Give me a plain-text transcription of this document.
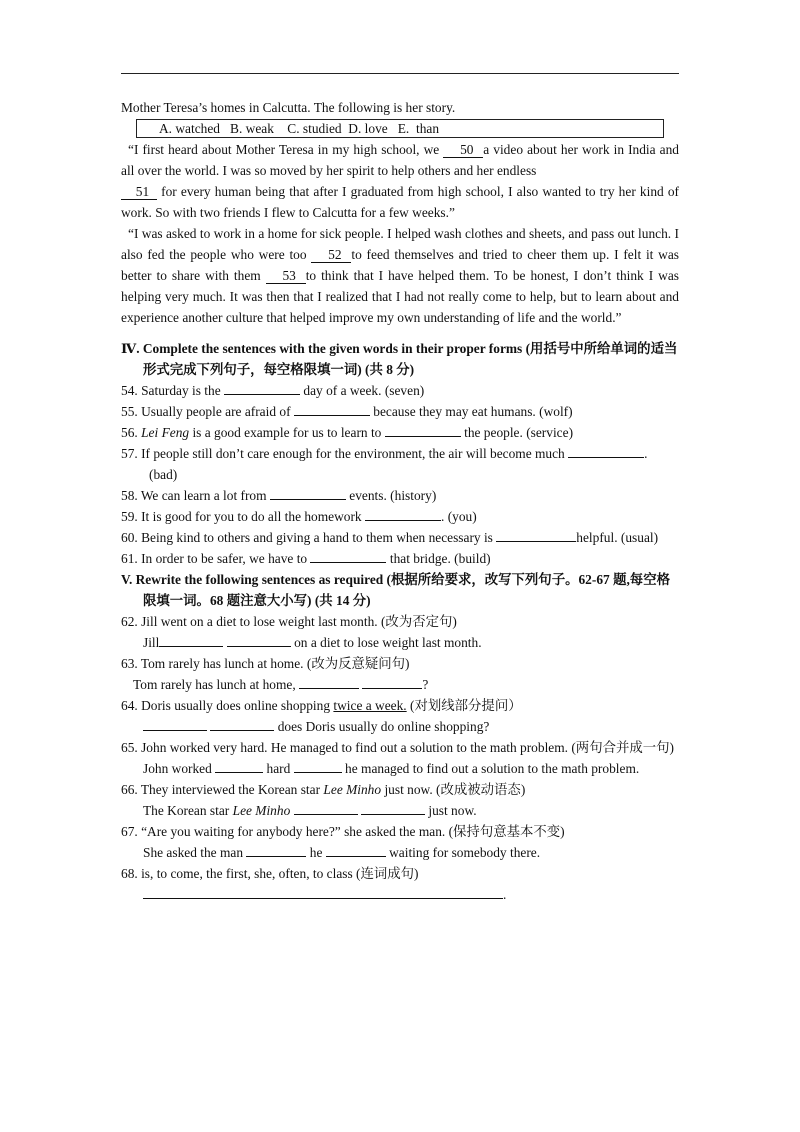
Mother Teresa’s homes in Calcutta. The following is her story.

A. watched   B. weak    C. studied  D. love   E.  than

“I first heard about Mother Teresa in my high school, we 50 a video about her work in India and all over the world. I was so moved by her spirit to help others and her endless
51 for every human being that after I graduated from high school, I also wanted to try her kind of work. So with two friends I flew to Calcutta for a few weeks.”

“I was asked to work in a home for sick people. I helped wash clothes and sheets, and pass out lunch. I also fed the people who were too 52 to feed themselves and tried to cheer them up. I felt it was better to share with them 53 to think that I have helped them. To be honest, I don’t think I was helping very much. It was then that I realized that I had not really come to help, but to learn about and experience another culture that helped improve my own understanding of life and the world.”

Ⅳ. Complete the sentences with the given words in their proper forms (用括号中所给单词的适当形式完成下列句子，每空格限填一词) (共 8 分)

54. Saturday is the	day of a week. (seven)

55. Usually people are afraid of	because they may eat humans. (wolf)

56. Lei Feng is a good example for us to learn to	the people. (service)

57. If people still don’t care enough for the environment, the air will become much	. (bad)

58. We can learn a lot from	events. (history)

59. It is good for you to do all the homework	. (you)

60. Being kind to others and giving a hand to them when necessary is	helpful. (usual)

61. In order to be safer, we have to	that bridge. (build)

V. Rewrite the following sentences as required (根据所给要求，改写下列句子。62-67 题,每空格限填一词。68 题注意大小写) (共 14 分)

62. Jill went on a diet to lose weight last month. (改为否定句)

Jill	on a diet to lose weight last month.

63. Tom rarely has lunch at home. (改为反意疑问句)

Tom rarely has lunch at home,	?

64. Doris usually does online shopping twice a week. (对划线部分提问）

does Doris usually do online shopping?

65. John worked very hard. He managed to find out a solution to the math problem. (两句合并成一句)

John worked	hard	he managed to find out a solution to the math problem.

66. They interviewed the Korean star Lee Minho just now. (改成被动语态)

The Korean star Lee Minho	just now.

67. “Are you waiting for anybody here?” she asked the man. (保持句意基本不变)

She asked the man	he	waiting for somebody there.

68. is, to come, the first, she, often, to class (连词成句)

.
